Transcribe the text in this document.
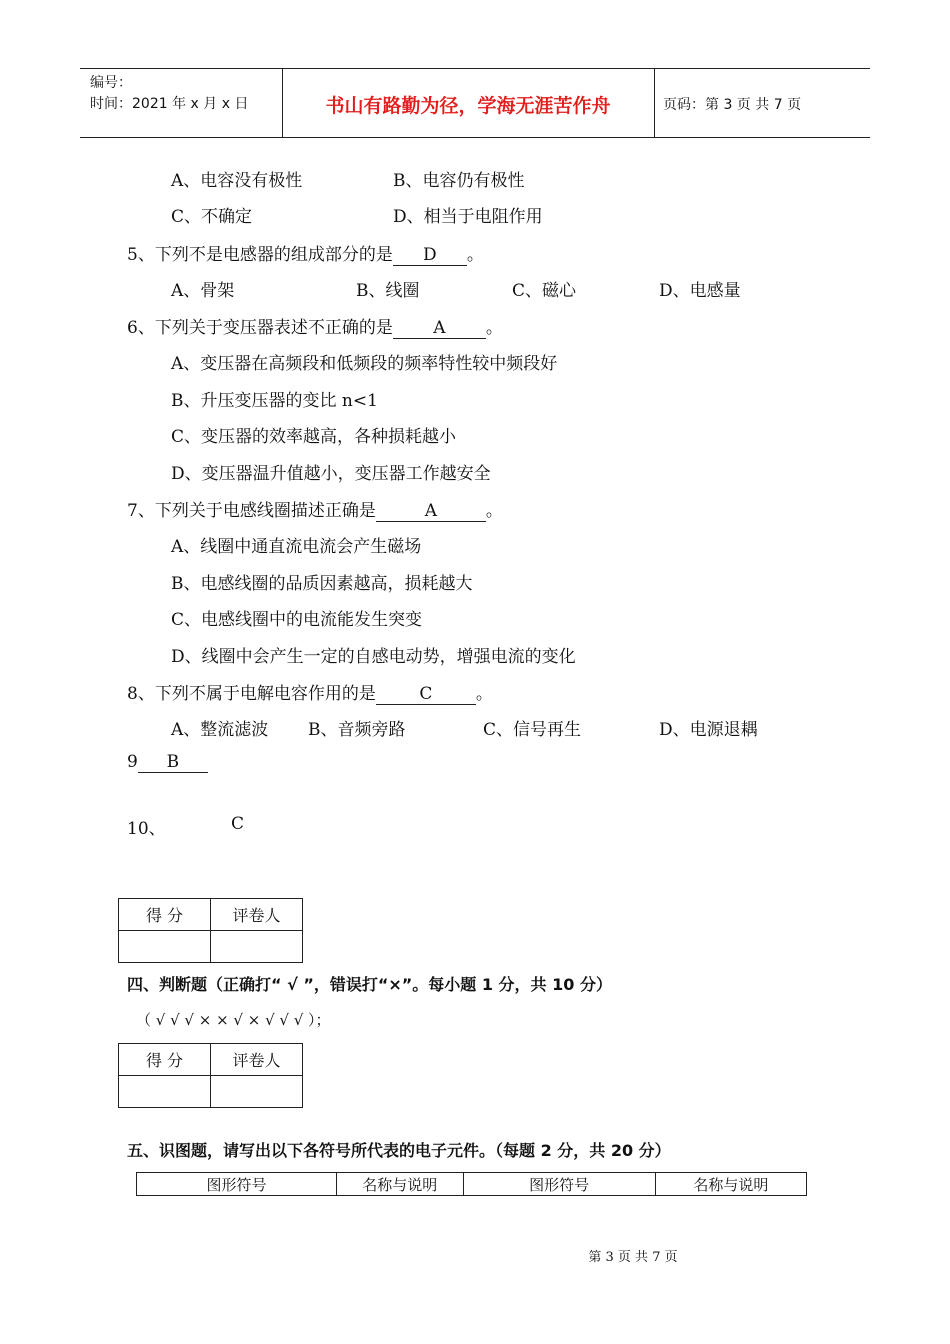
编号：
时间：2021 年 x 月 x 日	书山有路勤为径，学海无涯苦作舟	页码：第 3 页 共 7 页
A、电容没有极性	B、电容仍有极性
C、不确定	D、相当于电阻作用
5、下列不是电感器的组成部分的是 D 。
A、骨架	B、线圈	C、磁心	D、电感量
6、下列关于变压器表述不正确的是 A 。
A、变压器在高频段和低频段的频率特性较中频段好
B、升压变压器的变比 n<1
C、变压器的效率越高，各种损耗越小
D、变压器温升值越小，变压器工作越安全
7、下列关于电感线圈描述正确是	A	。
A、线圈中通直流电流会产生磁场
B、电感线圈的品质因素越高，损耗越大
C、电感线圈中的电流能发生突变
D、线圈中会产生一定的自感电动势，增强电流的变化
8、下列不属于电解电容作用的是	C	。
A、整流滤波 B、音频旁路	C、信号再生	D、电源退耦
9 B
10、	C
得 分	评卷人

四、判断题（正确打“ √ ”，错误打“×”。每小题 1 分，共 10 分）
（ √ √ √ × × √ × √ √ √ ）；
得 分	评卷人

五、识图题，请写出以下各符号所代表的电子元件。（每题 2 分，共 20 分）
图形符号	名称与说明	图形符号	名称与说明
第 3 页 共 7 页
